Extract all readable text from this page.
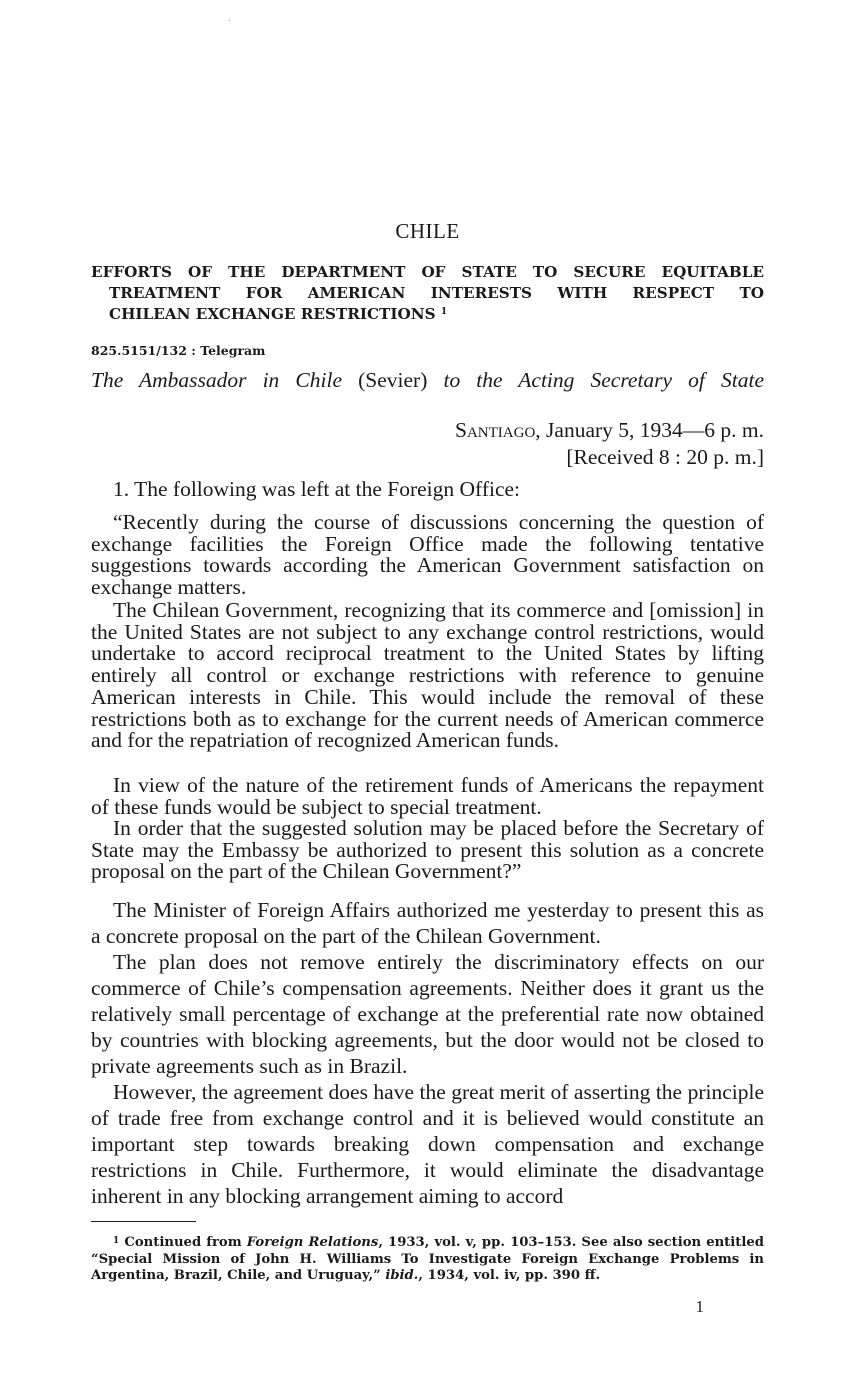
CHILE
EFFORTS OF THE DEPARTMENT OF STATE TO SECURE EQUITABLE
TREATMENT FOR AMERICAN INTERESTS WITH RESPECT TO
CHILEAN EXCHANGE RESTRICTIONS $^1$
825.5151/132 : Telegram
The Ambassador in Chile (Sevier) to the Acting Secretary of State
Santiago, January 5, 1934—6 p. m.
[Received 8 : 20 p. m.]

1. The following was left at the Foreign Office:

“Recently during the course of discussions concerning the question of exchange facilities the Foreign Office made the following tentative suggestions towards according the American Government satisfaction on exchange matters.

The Chilean Government, recognizing that its commerce and [omission] in the United States are not subject to any exchange control restrictions, would undertake to accord reciprocal treatment to the United States by lifting entirely all control or exchange restrictions with reference to genuine American interests in Chile. This would include the removal of these restrictions both as to exchange for the current needs of American commerce and for the repatriation of recognized American funds.

In view of the nature of the retirement funds of Americans the repayment of these funds would be subject to special treatment.

In order that the suggested solution may be placed before the Secretary of State may the Embassy be authorized to present this solution as a concrete proposal on the part of the Chilean Government?”

The Minister of Foreign Affairs authorized me yesterday to present this as a concrete proposal on the part of the Chilean Government.

The plan does not remove entirely the discriminatory effects on our commerce of Chile’s compensation agreements. Neither does it grant us the relatively small percentage of exchange at the preferential rate now obtained by countries with blocking agreements, but the door would not be closed to private agreements such as in Brazil.

However, the agreement does have the great merit of asserting the principle of trade free from exchange control and it is believed would constitute an important step towards breaking down compensation and exchange restrictions in Chile. Furthermore, it would eliminate the disadvantage inherent in any blocking arrangement aiming to accord

$^1$ Continued from Foreign Relations, 1933, vol. v, pp. 103–153. See also section entitled “Special Mission of John H. Williams To Investigate Foreign Exchange Problems in Argentina, Brazil, Chile, and Uruguay,” ibid., 1934, vol. iv, pp. 390 ff.

1
